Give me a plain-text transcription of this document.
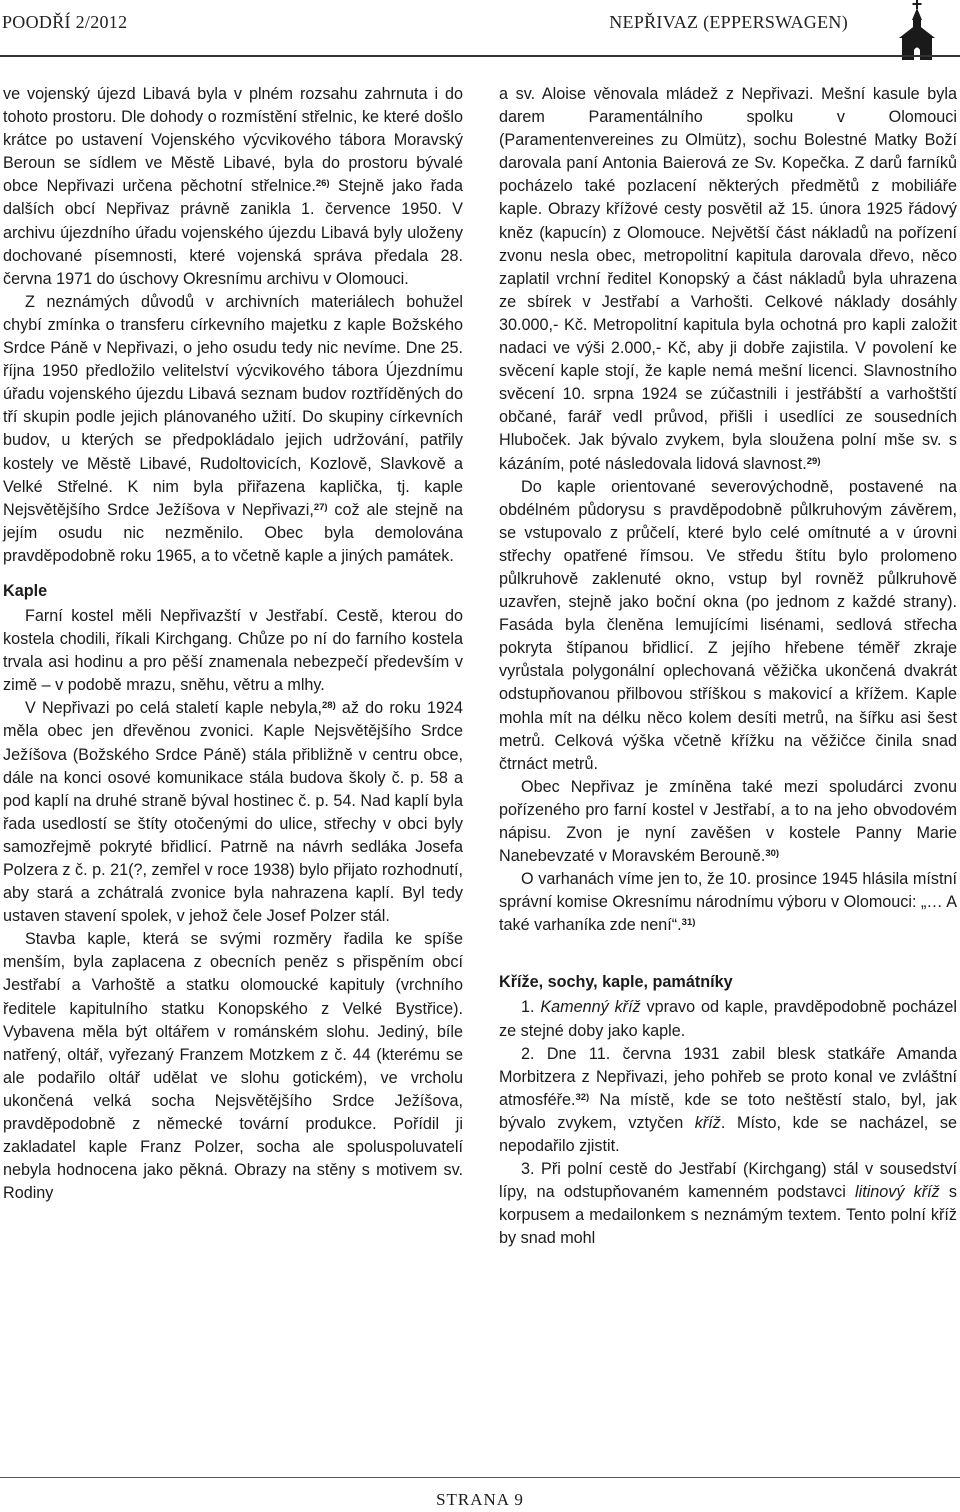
POODŘÍ 2/2012	NEPŘIVAZ (EPPERSWAGEN)

ve vojenský újezd Libavá byla v plném rozsahu zahrnuta i do tohoto prostoru. Dle dohody o rozmístění střelnic, ke které došlo krátce po ustavení Vojenského výcvikového tábora Moravský Beroun se sídlem ve Městě Libavé, byla do prostoru bývalé obce Nepřivazi určena pěchotní střelnice.$^{26)}$ Stejně jako řada dalších obcí Nepřivaz právně zanikla 1. července 1950. V archivu újezdního úřadu vojenského újezdu Libavá byly uloženy dochované písemnosti, které vojenská správa předala 28. června 1971 do úschovy Okresnímu archivu v Olomouci.

Z neznámých důvodů v archivních materiálech bohužel chybí zmínka o transferu církevního majetku z kaple Božského Srdce Páně v Nepřivazi, o jeho osudu tedy nic nevíme. Dne 25. října 1950 předložilo velitelství výcvikového tábora Újezdnímu úřadu vojenského újezdu Libavá seznam budov roztříděných do tří skupin podle jejich plánovaného užití. Do skupiny církevních budov, u kterých se předpokládalo jejich udržování, patřily kostely ve Městě Libavé, Rudoltovicích, Kozlově, Slavkově a Velké Střelné. K nim byla přiřazena kaplička, tj. kaple Nejsvětějšího Srdce Ježíšova v Nepřivazi,$^{27)}$ což ale stejně na jejím osudu nic nezměnilo. Obec byla demolována pravděpodobně roku 1965, a to včetně kaple a jiných památek.

Kaple

Farní kostel měli Nepřivazští v Jestřabí. Cestě, kterou do kostela chodili, říkali Kirchgang. Chůze po ní do farního kostela trvala asi hodinu a pro pěší znamenala nebezpečí především v zimě – v podobě mrazu, sněhu, větru a mlhy.

V Nepřivazi po celá staletí kaple nebyla,$^{28)}$ až do roku 1924 měla obec jen dřevěnou zvonici. Kaple Nejsvětějšího Srdce Ježíšova (Božského Srdce Páně) stála přibližně v centru obce, dále na konci osové komunikace stála budova školy č. p. 58 a pod kaplí na druhé straně býval hostinec č. p. 54. Nad kaplí byla řada usedlostí se štíty otočenými do ulice, střechy v obci byly samozřejmě pokryté břidlicí. Patrně na návrh sedláka Josefa Polzera z č. p. 21(?, zemřel v roce 1938) bylo přijato rozhodnutí, aby stará a zchátralá zvonice byla nahrazena kaplí. Byl tedy ustaven stavení spolek, v jehož čele Josef Polzer stál.

Stavba kaple, která se svými rozměry řadila ke spíše menším, byla zaplacena z obecních peněz s přispěním obcí Jestřabí a Varhoště a statku olomoucké kapituly (vrchního ředitele kapitulního statku Konopského z Velké Bystřice). Vybavena měla být oltářem v románském slohu. Jediný, bíle natřený, oltář, vyřezaný Franzem Motzkem z č. 44 (kterému se ale podařilo oltář udělat ve slohu gotickém), ve vrcholu ukončená velká socha Nejsvětějšího Srdce Ježíšova, pravděpodobně z německé tovární produkce. Pořídil ji zakladatel kaple Franz Polzer, socha ale spoluspoluvatelí nebyla hodnocena jako pěkná. Obrazy na stěny s motivem sv. Rodiny

a sv. Aloise věnovala mládež z Nepřivazi. Mešní kasule byla darem Paramentálního spolku v Olomouci (Paramentenvereines zu Olmütz), sochu Bolestné Matky Boží darovala paní Antonia Baierová ze Sv. Kopečka. Z darů farníků pocházelo také pozlacení některých předmětů z mobiliáře kaple. Obrazy křížové cesty posvětil až 15. února 1925 řádový kněz (kapucín) z Olomouce. Největší část nákladů na pořízení zvonu nesla obec, metropolitní kapitula darovala dřevo, něco zaplatil vrchní ředitel Konopský a část nákladů byla uhrazena ze sbírek v Jestřabí a Varhošti. Celkové náklady dosáhly 30.000,- Kč. Metropolitní kapitula byla ochotná pro kapli založit nadaci ve výši 2.000,- Kč, aby ji dobře zajistila. V povolení ke svěcení kaple stojí, že kaple nemá mešní licenci. Slavnostního svěcení 10. srpna 1924 se zúčastnili i jestřábští a varhoštští občané, farář vedl průvod, přišli i usedlíci ze sousedních Hluboček. Jak bývalo zvykem, byla sloužena polní mše sv. s kázáním, poté následovala lidová slavnost.$^{29)}$

Do kaple orientované severovýchodně, postavené na obdélném půdorysu s pravděpodobně půlkruhovým závěrem, se vstupovalo z průčelí, které bylo celé omítnuté a v úrovni střechy opatřené římsou. Ve středu štítu bylo prolomeno půlkruhově zaklenuté okno, vstup byl rovněž půlkruhově uzavřen, stejně jako boční okna (po jednom z každé strany). Fasáda byla členěna lemujícími lisénami, sedlová střecha pokryta štípanou břidlicí. Z jejího hřebene téměř zkraje vyrůstala polygonální oplechovaná věžička ukončená dvakrát odstupňovanou přilbovou stříškou s makovicí a křížem. Kaple mohla mít na délku něco kolem desíti metrů, na šířku asi šest metrů. Celková výška včetně křížku na věžičce činila snad čtrnáct metrů.

Obec Nepřivaz je zmíněna také mezi spoludárci zvonu pořízeného pro farní kostel v Jestřabí, a to na jeho obvodovém nápisu. Zvon je nyní zavěšen v kostele Panny Marie Nanebevzaté v Moravském Berouně.$^{30)}$

O varhanách víme jen to, že 10. prosince 1945 hlásila místní správní komise Okresnímu národnímu výboru v Olomouci: „… A také varhaníka zde není“.$^{31)}$

Kříže, sochy, kaple, památníky

1. Kamenný kříž vpravo od kaple, pravděpodobně pocházel ze stejné doby jako kaple.

2. Dne 11. června 1931 zabil blesk statkáře Amanda Morbitzera z Nepřivazi, jeho pohřeb se proto konal ve zvláštní atmosféře.$^{32)}$ Na místě, kde se toto neštěstí stalo, byl, jak bývalo zvykem, vztyčen kříž. Místo, kde se nacházel, se nepodařilo zjistit.

3. Při polní cestě do Jestřabí (Kirchgang) stál v sousedství lípy, na odstupňovaném kamenném podstavci litinový kříž s korpusem a medailonkem s neznámým textem. Tento polní kříž by snad mohl

STRANA 9
